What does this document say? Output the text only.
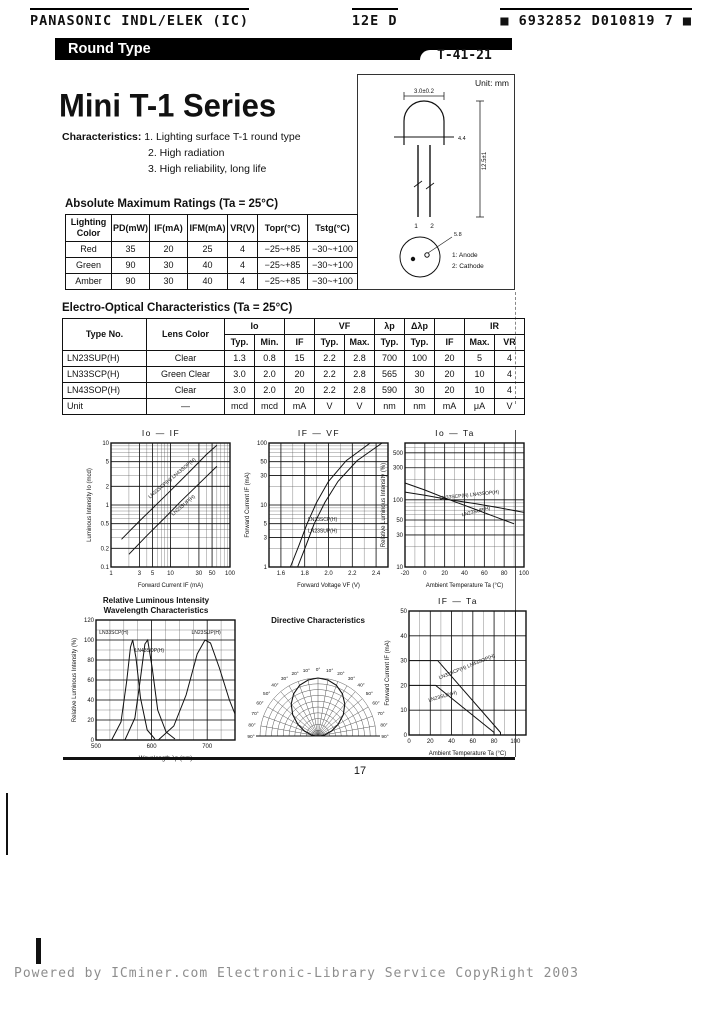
PANASONIC INDL/ELEK (IC)	12E D	■ 6932852 D010819 7 ■
Round Type	T-41-21
Mini T-1 Series
Characteristics: 1. Lighting surface T-1 round type
2. High radiation
3. High reliability, long life
Unit: mm
3.0±0.2
4.4
12.5±1
1 2
5.8
1: Anode
2: Cathode
Absolute Maximum Ratings (Ta = 25°C)
Lighting Color	PD(mW)	IF(mA)	IFM(mA)	VR(V)	Topr(°C)	Tstg(°C)
Red	35	20	25	4	−25~+85	−30~+100
Green	90	30	40	4	−25~+85	−30~+100
Amber	90	30	40	4	−25~+85	−30~+100
Electro-Optical Characteristics (Ta = 25°C)
Type No.	Lens Color	Io			VF		λp	Δλp		IR	
		Typ.	Min.	IF	Typ.	Max.	Typ.	Typ.	IF	Max.	VR
LN23SUP(H)	Clear	1.3	0.8	15	2.2	2.8	700	100	20	5	4
LN33SCP(H)	Green Clear	3.0	2.0	20	2.2	2.8	565	30	20	10	4
LN43SOP(H)	Clear	3.0	2.0	20	2.2	2.8	590	30	20	10	4
Unit	—	mcd	mcd	mA	V	V	nm	nm	mA	μA	V
Io — IF
1	3 5 10	30 50 100
0.1
0.2
0.5
1
2
5
10
Forward Current IF (mA)
Luminous Intensity Io (mcd)	LN33SCP(H) LN43SOP(H)
LN23SUP(H)
IF — VF
1.6	1.8	2.0	2.2	2.4
1
3
5
10
30
50
100
Forward Voltage VF (V)
Forward Current IF (mA)	LN33SCP(H)
LN23SUP(H)
Io — Ta
-20 0 20 40 60 80 100
10
30
50
100
300
500
Ambient Temperature Ta (°C)
Relative Luminous Intensity (%)	LN33SCP(H) LN43SOP(H)
LN23SUP(H)
Relative Luminous Intensity
Wavelength Characteristics
500	600	700
0
20
40
60
80
100
120
Relative Luminous Intensity (%)
LN33SCP(H)
LN43SOP(H)
LN23SUP(H)
Directive Characteristics
90°
80°
70°
60°
50°
40°
30°
20°
10° 0° 10°
20°
30°
40°
50°
60°
70°
80°
90°
IF — Ta
0	20 40 60 80 100
0
10
20
30
40
50
Ambient Temperature Ta (°C)
Forward Current IF (mA)	LN33SCP(H) LN43SOP(H)
LN23SUP(H)
17
Powered by ICminer.com Electronic-Library Service CopyRight 2003
